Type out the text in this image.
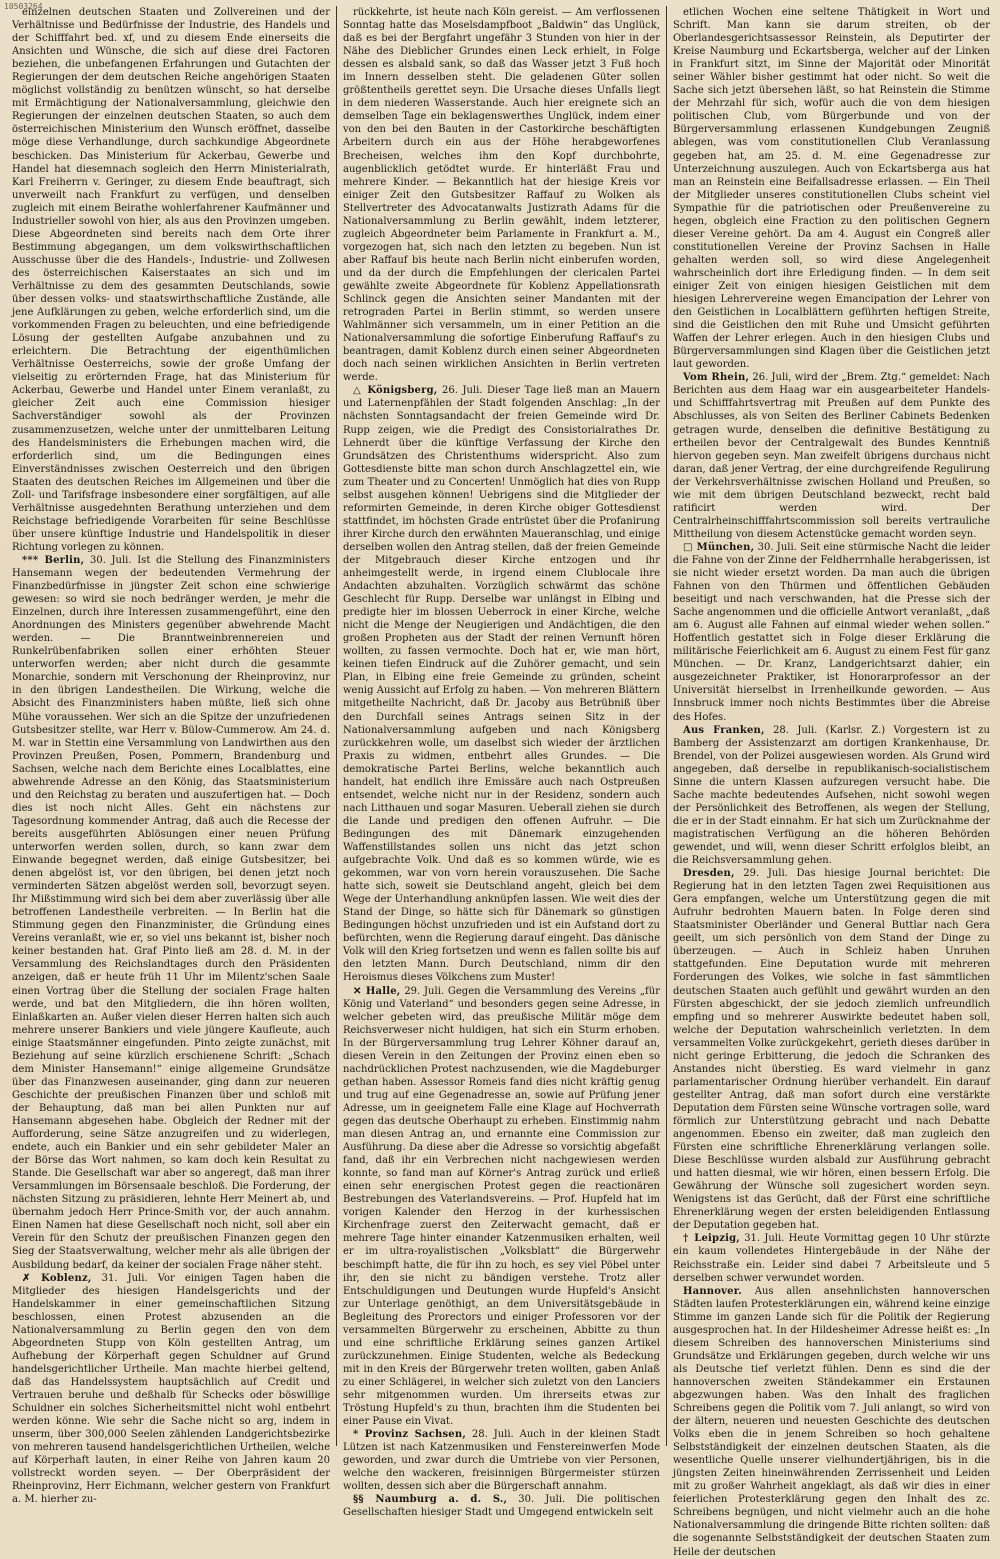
10503264

einzelnen deutschen Staaten und Zollvereinen und der Verhältnisse und Bedürfnisse der Industrie, des Handels und der Schifffahrt bed. xf, und zu diesem Ende einerseits die Ansichten und Wünsche, die sich auf diese drei Factoren beziehen, die unbefangenen Erfahrungen und Gutachten der Regierungen der dem deutschen Reiche angehörigen Staaten möglichst vollständig zu benützen wünscht, so hat derselbe mit Ermächtigung der Nationalversammlung, gleichwie den Regierungen der einzelnen deutschen Staaten, so auch dem österreichischen Ministerium den Wunsch eröffnet, dasselbe möge diese Verhandlunge, durch sachkundige Abgeordnete beschicken. Das Ministerium für Ackerbau, Gewerbe und Handel hat diesemnach sogleich den Herrn Ministerialrath, Karl Freiherrn v. Geringer, zu diesem Ende beauftragt, sich unverweilt nach Frankfurt zu verfügen, und denselben zugleich mit einem Beirathe wohlerfahrener Kaufmänner und Industrieller sowohl von hier, als aus den Provinzen umgeben. Diese Abgeordneten sind bereits nach dem Orte ihrer Bestimmung abgegangen, um dem volkswirthschaftlichen Ausschusse über die des Handels-, Industrie- und Zollwesen des österreichischen Kaiserstaates an sich und im Verhältnisse zu dem des gesammten Deutschlands, sowie über dessen volks- und staatswirthschaftliche Zustände, alle jene Aufklärungen zu geben, welche erforderlich sind, um die vorkommenden Fragen zu beleuchten, und eine befriedigende Lösung der gestellten Aufgabe anzubahnen und zu erleichtern. Die Betrachtung der eigenthümlichen Verhältnisse Oesterreichs, sowie der große Umfang der vielseitig zu erörternden Frage, hat das Ministerium für Ackerbau, Gewerbe und Handel unter Einem veranlaßt, zu gleicher Zeit auch eine Commission hiesiger Sachverständiger sowohl als der Provinzen zusammenzusetzen, welche unter der unmittelbaren Leitung des Handelsministers die Erhebungen machen wird, die erforderlich sind, um die Bedingungen eines Einverständnisses zwischen Oesterreich und den übrigen Staaten des deutschen Reiches im Allgemeinen und über die Zoll- und Tarifsfrage insbesondere einer sorgfältigen, auf alle Verhältnisse ausgedehnten Berathung unterziehen und dem Reichstage befriedigende Vorarbeiten für seine Beschlüsse über unsere künftige Industrie und Handelspolitik in dieser Richtung vorlegen zu können.

*** Berlin, 30. Juli. Ist die Stellung des Finanzministers Hansemann wegen der bedeutenden Vermehrung der Finanzbedürfnisse in jüngster Zeit schon eine schwierige gewesen: so wird sie noch bedränger werden, je mehr die Einzelnen, durch ihre Interessen zusammengeführt, eine den Anordnungen des Ministers gegenüber abwehrende Macht werden. — Die Branntweinbrennereien und Runkelrübenfabriken sollen einer erhöhten Steuer unterworfen werden; aber nicht durch die gesammte Monarchie, sondern mit Verschonung der Rheinprovinz, nur in den übrigen Landestheilen. Die Wirkung, welche die Absicht des Finanzministers haben müßte, ließ sich ohne Mühe voraussehen. Wer sich an die Spitze der unzufriedenen Gutsbesitzer stellte, war Herr v. Bülow-Cummerow. Am 24. d. M. war in Stettin eine Versammlung von Landwirthen aus den Provinzen Preußen, Posen, Pommern, Brandenburg und Sachsen, welche nach dem Berichte eines Localblattes, eine abwehrende Adresse an den König, das Staatsministerium und den Reichstag zu beraten und auszufertigen hat. — Doch dies ist noch nicht Alles. Geht ein nächstens zur Tagesordnung kommender Antrag, daß auch die Recesse der bereits ausgeführten Ablösungen einer neuen Prüfung unterworfen werden sollen, durch, so kann zwar dem Einwande begegnet werden, daß einige Gutsbesitzer, bei denen abgelöst ist, vor den übrigen, bei denen jetzt noch verminderten Sätzen abgelöst werden soll, bevorzugt seyen. Ihr Mißstimmung wird sich bei dem aber zuverlässig über alle betroffenen Landestheile verbreiten. — In Berlin hat die Stimmung gegen den Finanzminister, die Gründung eines Vereins veranlaßt, wie er, so viel uns bekannt ist, bisher noch keiner bestanden hat. Graf Pinto ließ am 28. d. M. in der Versammlung des Reichslandtages durch den Präsidenten anzeigen, daß er heute früh 11 Uhr im Milentz'schen Saale einen Vortrag über die Stellung der socialen Frage halten werde, und bat den Mitgliedern, die ihn hören wollten, Einlaßkarten an. Außer vielen dieser Herren halten sich auch mehrere unserer Bankiers und viele jüngere Kaufleute, auch einige Staatsmänner eingefunden. Pinto zeigte zunächst, mit Beziehung auf seine kürzlich erschienene Schrift: „Schach dem Minister Hansemann!“ einige allgemeine Grundsätze über das Finanzwesen auseinander, ging dann zur neueren Geschichte der preußischen Finanzen über und schloß mit der Behauptung, daß man bei allen Punkten nur auf Hansemann abgesehen habe. Obgleich der Redner mit der Aufforderung, seine Sätze anzugreifen und zu widerlegen, endete, auch ein Bankier und ein sehr gebildeter Maler an der Börse das Wort nahmen, so kam doch kein Resultat zu Stande. Die Gesellschaft war aber so angeregt, daß man ihrer Versammlungen im Börsensaale beschloß. Die Forderung, der nächsten Sitzung zu präsidieren, lehnte Herr Meinert ab, und übernahm jedoch Herr Prince-Smith vor, der auch annahm. Einen Namen hat diese Gesellschaft noch nicht, soll aber ein Verein für den Schutz der preußischen Finanzen gegen den Sieg der Staatsverwaltung, welcher mehr als alle übrigen der Ausbildung bedarf, da keiner der socialen Frage näher steht.

✗ Koblenz, 31. Juli. Vor einigen Tagen haben die Mitglieder des hiesigen Handelsgerichts und der Handelskammer in einer gemeinschaftlichen Sitzung beschlossen, einen Protest abzusenden an die Nationalversammlung zu Berlin gegen den von dem Abgeordneten Stupp von Köln gestellten Antrag, um Aufhebung der Körperhaft gegen Schuldner auf Grund handelsgerichtlicher Urtheile. Man machte hierbei geltend, daß das Handelssystem hauptsächlich auf Credit und Vertrauen beruhe und deßhalb für Schecks oder böswillige Schuldner ein solches Sicherheitsmittel nicht wohl entbehrt werden könne. Wie sehr die Sache nicht so arg, indem in unserm, über 300,000 Seelen zählenden Landgerichtsbezirke von mehreren tausend handelsgerichtlichen Urtheilen, welche auf Körperhaft lauten, in einer Reihe von Jahren kaum 20 vollstreckt worden seyen. — Der Oberpräsident der Rheinprovinz, Herr Eichmann, welcher gestern von Frankfurt a. M. hierher zu-

rückkehrte, ist heute nach Köln gereist. — Am verflossenen Sonntag hatte das Moselsdampfboot „Baldwin“ das Unglück, daß es bei der Bergfahrt ungefähr 3 Stunden von hier in der Nähe des Dieblicher Grundes einen Leck erhielt, in Folge dessen es alsbald sank, so daß das Wasser jetzt 3 Fuß hoch im Innern desselben steht. Die geladenen Güter sollen größtentheils gerettet seyn. Die Ursache dieses Unfalls liegt in dem niederen Wasserstande. Auch hier ereignete sich an demselben Tage ein beklagenswerthes Unglück, indem einer von den bei den Bauten in der Castorkirche beschäftigten Arbeitern durch ein aus der Höhe herabgeworfenes Brecheisen, welches ihm den Kopf durchbohrte, augenblicklich getödtet wurde. Er hinterläßt Frau und mehrere Kinder. — Bekanntlich hat der hiesige Kreis vor einiger Zeit den Gutsbesitzer Raffauf zu Wolken als Stellvertreter des Advocatanwalts Justizrath Adams für die Nationalversammlung zu Berlin gewählt, indem letzterer, zugleich Abgeordneter beim Parlamente in Frankfurt a. M., vorgezogen hat, sich nach den letzten zu begeben. Nun ist aber Raffauf bis heute nach Berlin nicht einberufen worden, und da der durch die Empfehlungen der clericalen Partei gewählte zweite Abgeordnete für Koblenz Appellationsrath Schlinck gegen die Ansichten seiner Mandanten mit der retrograden Partei in Berlin stimmt, so werden unsere Wahlmänner sich versammeln, um in einer Petition an die Nationalversammlung die sofortige Einberufung Raffauf's zu beantragen, damit Koblenz durch einen seiner Abgeordneten doch nach seinen wirklichen Ansichten in Berlin vertreten werde.

△ Königsberg, 26. Juli. Dieser Tage ließ man an Mauern und Laternenpfählen der Stadt folgenden Anschlag: „In der nächsten Sonntagsandacht der freien Gemeinde wird Dr. Rupp zeigen, wie die Predigt des Consistorialrathes Dr. Lehnerdt über die künftige Verfassung der Kirche den Grundsätzen des Christenthums widerspricht. Also zum Gottesdienste bitte man schon durch Anschlagzettel ein, wie zum Theater und zu Concerten! Unmöglich hat dies von Rupp selbst ausgehen können! Uebrigens sind die Mitglieder der reformirten Gemeinde, in deren Kirche obiger Gottesdienst stattfindet, im höchsten Grade entrüstet über die Profanirung ihrer Kirche durch den erwähnten Maueranschlag, und einige derselben wollen den Antrag stellen, daß der freien Gemeinde der Mitgebrauch dieser Kirche entzogen und ihr anheimgestellt werde, in irgend einem Clublocale ihre Andachten abzuhalten. Vorzüglich schwärmt das schöne Geschlecht für Rupp. Derselbe war unlängst in Elbing und predigte hier im blossen Ueberrock in einer Kirche, welche nicht die Menge der Neugierigen und Andächtigen, die den großen Propheten aus der Stadt der reinen Vernunft hören wollten, zu fassen vermochte. Doch hat er, wie man hört, keinen tiefen Eindruck auf die Zuhörer gemacht, und sein Plan, in Elbing eine freie Gemeinde zu gründen, scheint wenig Aussicht auf Erfolg zu haben. — Von mehreren Blättern mitgetheilte Nachricht, daß Dr. Jacoby aus Betrübniß über den Durchfall seines Antrags seinen Sitz in der Nationalversammlung aufgeben und nach Königsberg zurückkehren wolle, um daselbst sich wieder der ärztlichen Praxis zu widmen, entbehrt alles Grundes. — Die demokratische Partei Berlins, welche bekanntlich auch handelt, hat endlich ihre Emissäre auch nach Ostpreußen entsendet, welche nicht nur in der Residenz, sondern auch nach Litthauen und sogar Masuren. Ueberall ziehen sie durch die Lande und predigen den offenen Aufruhr. — Die Bedingungen des mit Dänemark einzugehenden Waffenstillstandes sollen uns nicht das jetzt schon aufgebrachte Volk. Und daß es so kommen würde, wie es gekommen, war von vorn herein vorauszusehen. Die Sache hatte sich, soweit sie Deutschland angeht, gleich bei dem Wege der Unterhandlung anknüpfen lassen. Wie weit dies der Stand der Dinge, so hätte sich für Dänemark so günstigen Bedingungen höchst unzufrieden und ist ein Aufstand dort zu befürchten, wenn die Regierung darauf eingeht. Das dänische Volk will den Krieg fortsetzen und wenn es fallen sollte bis auf den letzten Mann. Durch Deutschland, nimm dir den Heroismus dieses Völkchens zum Muster!

✕ Halle, 29. Juli. Gegen die Versammlung des Vereins „für König und Vaterland“ und besonders gegen seine Adresse, in welcher gebeten wird, das preußische Militär möge dem Reichsverweser nicht huldigen, hat sich ein Sturm erhoben. In der Bürgerversammlung trug Lehrer Köhner darauf an, diesen Verein in den Zeitungen der Provinz einen eben so nachdrücklichen Protest nachzusenden, wie die Magdeburger gethan haben. Assessor Romeis fand dies nicht kräftig genug und trug auf eine Gegenadresse an, sowie auf Prüfung jener Adresse, um in geeignetem Falle eine Klage auf Hochverrath gegen das deutsche Oberhaupt zu erheben. Einstimmig nahm man diesen Antrag an, und ernannte eine Commission zur Ausführung. Da diese aber die Adresse so vorsichtig abgefaßt fand, daß ihr ein Verbrechen nicht nachgewiesen werden konnte, so fand man auf Körner's Antrag zurück und erließ einen sehr energischen Protest gegen die reactionären Bestrebungen des Vaterlandsvereins. — Prof. Hupfeld hat im vorigen Kalender den Herzog in der kurhessischen Kirchenfrage zuerst den Zeiterwacht gemacht, daß er mehrere Tage hinter einander Katzenmusiken erhalten, weil er im ultra-royalistischen „Volksblatt“ die Bürgerwehr beschimpft hatte, die für ihn zu hoch, es sey viel Pöbel unter ihr, den sie nicht zu bändigen verstehe. Trotz aller Entschuldigungen und Deutungen wurde Hupfeld's Ansicht zur Unterlage genöthigt, an dem Universitätsgebäude in Begleitung des Prorectors und einiger Professoren vor der versammelten Bürgerwehr zu erscheinen, Abbitte zu thun und eine schriftliche Erklärung seines ganzen Artikel zurückzunehmen. Einige Studenten, welche als Bedeckung mit in den Kreis der Bürgerwehr treten wollten, gaben Anlaß zu einer Schlägerei, in welcher sich zuletzt von den Lanciers sehr mitgenommen wurden. Um ihrerseits etwas zur Tröstung Hupfeld's zu thun, brachten ihm die Studenten bei einer Pause ein Vivat.

* Provinz Sachsen, 28. Juli. Auch in der kleinen Stadt Lützen ist nach Katzenmusiken und Fenstereinwerfen Mode geworden, und zwar durch die Umtriebe von vier Personen, welche den wackeren, freisinnigen Bürgermeister stürzen wollten, dessen sich aber die Bürgerschaft annahm.

§§ Naumburg a. d. S., 30. Juli. Die politischen Gesellschaften hiesiger Stadt und Umgegend entwickeln seit

etlichen Wochen eine seltene Thätigkeit in Wort und Schrift. Man kann sie darum streiten, ob der Oberlandesgerichtsassessor Reinstein, als Deputirter der Kreise Naumburg und Eckartsberga, welcher auf der Linken in Frankfurt sitzt, im Sinne der Majorität oder Minorität seiner Wähler bisher gestimmt hat oder nicht. So weit die Sache sich jetzt übersehen läßt, so hat Reinstein die Stimme der Mehrzahl für sich, wofür auch die von dem hiesigen politischen Club, vom Bürgerbunde und von der Bürgerversammlung erlassenen Kundgebungen Zeugniß ablegen, was vom constitutionellen Club Veranlassung gegeben hat, am 25. d. M. eine Gegenadresse zur Unterzeichnung auszulegen. Auch von Eckartsberga aus hat man an Reinstein eine Beifallsadresse erlassen. — Ein Theil der Mitglieder unseres constitutionellen Clubs scheint viel Sympathie für die patriotischen oder Preußenvereine zu hegen, obgleich eine Fraction zu den politischen Gegnern dieser Vereine gehört. Da am 4. August ein Congreß aller constitutionellen Vereine der Provinz Sachsen in Halle gehalten werden soll, so wird diese Angelegenheit wahrscheinlich dort ihre Erledigung finden. — In dem seit einiger Zeit von einigen hiesigen Geistlichen mit dem hiesigen Lehrervereine wegen Emancipation der Lehrer von den Geistlichen in Localblättern geführten heftigen Streite, sind die Geistlichen den mit Ruhe und Umsicht geführten Waffen der Lehrer erlegen. Auch in den hiesigen Clubs und Bürgerversammlungen sind Klagen über die Geistlichen jetzt laut geworden.

Vom Rhein, 26. Juli, wird der „Brem. Ztg.“ gemeldet: Nach Berichten aus dem Haag war ein ausgearbeiteter Handels- und Schifffahrtsvertrag mit Preußen auf dem Punkte des Abschlusses, als von Seiten des Berliner Cabinets Bedenken getragen wurde, denselben die definitive Bestätigung zu ertheilen bevor der Centralgewalt des Bundes Kenntniß hiervon gegeben seyn. Man zweifelt übrigens durchaus nicht daran, daß jener Vertrag, der eine durchgreifende Regulirung der Verkehrsverhältnisse zwischen Holland und Preußen, so wie mit dem übrigen Deutschland bezweckt, recht bald ratificirt werden wird. Der Centralrheinschifffahrtscommission soll bereits vertrauliche Mittheilung von diesem Actenstücke gemacht worden seyn.

□ München, 30. Juli. Seit eine stürmische Nacht die leider die Fahne von der Zinne der Feldherrnhalle herabgerissen, ist sie nicht wieder ersetzt worden. Da man auch die übrigen Fahnen von den Thürmen und öffentlichen Gebäuden beseitigt und nach verschwanden, hat die Presse sich der Sache angenommen und die officielle Antwort veranlaßt, „daß am 6. August alle Fahnen auf einmal wieder wehen sollen.“ Hoffentlich gestattet sich in Folge dieser Erklärung die militärische Feierlichkeit am 6. August zu einem Fest für ganz München. — Dr. Kranz, Landgerichtsarzt dahier, ein ausgezeichneter Praktiker, ist Honorarprofessor an der Universität hierselbst in Irrenheilkunde geworden. — Aus Innsbruck immer noch nichts Bestimmtes über die Abreise des Hofes.

Aus Franken, 28. Juli. (Karlsr. Z.) Vorgestern ist zu Bamberg der Assistenzarzt am dortigen Krankenhause, Dr. Brendel, von der Polizei ausgewiesen worden. Als Grund wird angegeben, daß derselbe in republikanisch-socialistischem Sinne die untern Klassen aufzuregen versucht habe. Die Sache machte bedeutendes Aufsehen, nicht sowohl wegen der Persönlichkeit des Betroffenen, als wegen der Stellung, die er in der Stadt einnahm. Er hat sich um Zurücknahme der magistratischen Verfügung an die höheren Behörden gewendet, und will, wenn dieser Schritt erfolglos bleibt, an die Reichsversammlung gehen.

Dresden, 29. Juli. Das hiesige Journal berichtet: Die Regierung hat in den letzten Tagen zwei Requisitionen aus Gera empfangen, welche um Unterstützung gegen die mit Aufruhr bedrohten Mauern baten. In Folge deren sind Staatsminister Oberländer und General Buttlar nach Gera geeilt, um sich persönlich von dem Stand der Dinge zu überzeugen. — Auch in Schleiz haben Unruhen stattgefunden. Eine Deputation wurde mit mehreren Forderungen des Volkes, wie solche in fast sämmtlichen deutschen Staaten auch gefühlt und gewährt wurden an den Fürsten abgeschickt, der sie jedoch ziemlich unfreundlich empfing und so mehrerer Auswirkte bedeutet haben soll, welche der Deputation wahrscheinlich verletzten. In dem versammelten Volke zurückgekehrt, gerieth dieses darüber in nicht geringe Erbitterung, die jedoch die Schranken des Anstandes nicht überstieg. Es ward vielmehr in ganz parlamentarischer Ordnung hierüber verhandelt. Ein darauf gestellter Antrag, daß man sofort durch eine verstärkte Deputation dem Fürsten seine Wünsche vortragen solle, ward förmlich zur Unterstützung gebracht und nach Debatte angenommen. Ebenso ein zweiter, daß man zugleich den Fürsten eine schriftliche Ehrenerklärung verlangen solle. Diese Beschlüsse wurden alsbald zur Ausführung gebracht und hatten diesmal, wie wir hören, einen bessern Erfolg. Die Gewährung der Wünsche soll zugesichert worden seyn. Wenigstens ist das Gerücht, daß der Fürst eine schriftliche Ehrenerklärung wegen der ersten beleidigenden Entlassung der Deputation gegeben hat.

† Leipzig, 31. Juli. Heute Vormittag gegen 10 Uhr stürzte ein kaum vollendetes Hintergebäude in der Nähe der Reichsstraße ein. Leider sind dabei 7 Arbeitsleute und 5 derselben schwer verwundet worden.

Hannover. Aus allen ansehnlichsten hannoverschen Städten laufen Protesterklärungen ein, während keine einzige Stimme im ganzen Lande sich für die Politik der Regierung ausgesprochen hat. In der Hildesheimer Adresse heißt es: „In diesem Schreiben des hannoverschen Ministeriums sind Grundsätze und Erklärungen gegeben, durch welche wir uns als Deutsche tief verletzt fühlen. Denn es sind die der hannoverschen zweiten Ständekammer ein Erstaunen abgezwungen haben. Was den Inhalt des fraglichen Schreibens gegen die Politik vom 7. Juli anlangt, so wird von der ältern, neueren und neuesten Geschichte des deutschen Volks eben die in jenem Schreiben so hoch gehaltene Selbstständigkeit der einzelnen deutschen Staaten, als die wesentliche Quelle unserer vielhundertjährigen, bis in die jüngsten Zeiten hineinwährenden Zerrissenheit und Leiden mit zu großer Wahrheit angeklagt, als daß wir dies in einer feierlichen Protesterklärung gegen den Inhalt des zc. Schreibens begnügen, und nicht vielmehr auch an die hohe Nationalversammlung die dringende Bitte richten sollten: daß die sogenannte Selbstständigkeit der deutschen Staaten zum Heile der deutschen
